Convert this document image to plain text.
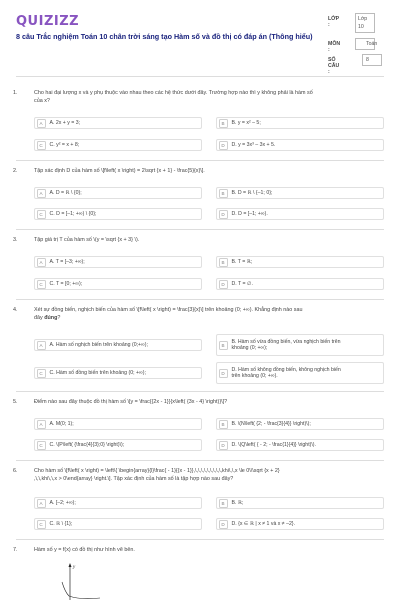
QUIZIZZ
8 câu Trắc nghiệm Toán 10 chân trời sáng tạo Hàm số và đồ thị có đáp án (Thông hiểu)
LỚP :
Lớp
10
MÔN :
Toán
SỐ CÂU :
8
1.	Cho hai đại lượng x và y phụ thuộc vào nhau theo các hệ thức dưới đây. Trường hợp nào thì y không phải là hàm số
của x?
A	A. 2x + y = 3;	B	B. y = x² – 5;
C	C. y² = x + 8;	D	D. y = 3x³ – 3x + 5.
2.	Tập xác định D của hàm số \[f\left( x \right) = 2\sqrt {x + 1} - \frac{5}{x}\].
A	A. D = ℝ \ {0};	B	B. D = ℝ \ {–1; 0};
C	C. D = [–1; +∞) \ {0};	D	D. D = [–1; +∞).
3.	Tập giá trị T của hàm số \(y = \sqrt {x + 3} \).
A	A. T = [–3; +∞);	B	B. T = ℝ;
C	C. T = [0; +∞);	D	D. T = ∅.
4.	Xét sự đồng biến, nghịch biến của hàm số \[f\left( x \right) = \frac{3}{x}\] trên khoảng (0; +∞). Khẳng định nào sau
đây đúng?
A	A. Hàm số nghịch biến trên khoảng (0;+∞);	B
B. Hàm số vừa đồng biến, vừa nghịch biến trên
khoảng (0; +∞);
C	C. Hàm số đồng biến trên khoảng (0; +∞);	D
D. Hàm số không đồng biến, không nghịch biến
trên khoảng (0; +∞).
5.	Điểm nào sau đây thuộc đồ thị hàm số \[y = \frac{{2x - 1}}{x\left( {3x - 4} \right)}\]?
A	A. M(0; 1);	B	B. \(N\left( {2; - \frac{3}{4}} \right)\);
C	C. \(P\left( {\frac{4}{3};0} \right)\);	D	D. \(Q\left( { - 2; - \frac{1}{4}} \right)\).
6.	Cho hàm số \[f\left( x \right) = \left\{ \begin{array}{l}\frac{ - 1}{{x - 1}},\,\,\,\,\,\,\,\,\,khi\,\,x \le 0\\\sqrt {x + 2}
,\,\,khi\,\,x > 0\end{array} \right.\]. Tập xác định của hàm số là tập hợp nào sau đây?
A	A. [–2; +∞);	B	B. ℝ;
C	C. ℝ \ {1};	D	D. {x ∈ ℝ | x ≠ 1 và x ≠ –2}.
7.	Hàm số y = f(x) có đồ thị như hình vẽ bên.
y
